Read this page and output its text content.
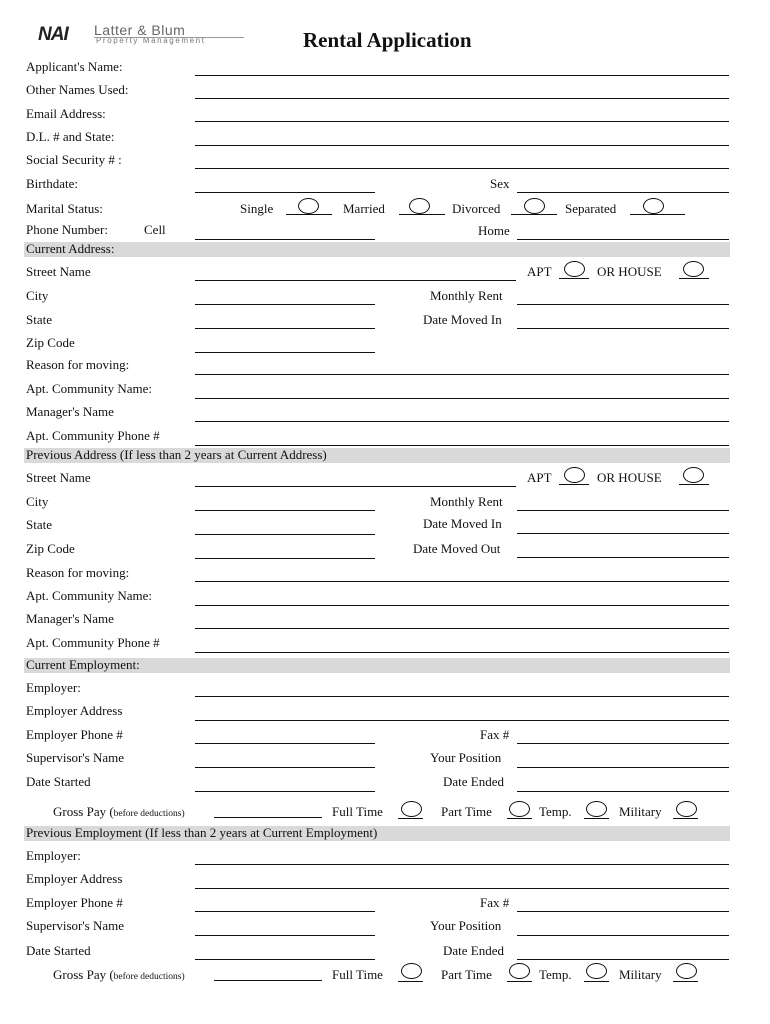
NAI Latter & Blum
Property Management	Rental Application
Applicant's Name:
Other Names Used:
Email Address:
D.L. # and State:
Social Security # :
Birthdate:	Sex
Marital Status:	Single	Married	Divorced	Separated
Phone Number:	Cell	Home
Current Address:
Street Name	APT	OR HOUSE
City	Monthly Rent
State	Date Moved In
Zip Code
Reason for moving:
Apt. Community Name:
Manager's Name
Apt. Community Phone #
Previous Address (If less than 2 years at Current Address)
Street Name	APT	OR HOUSE
City	Monthly Rent
State	Date Moved In
Zip Code	Date Moved Out
Reason for moving:
Apt. Community Name:
Manager's Name
Apt. Community Phone #
Current Employment:
Employer:
Employer Address
Employer Phone #	Fax #
Supervisor's Name	Your Position
Date Started	Date Ended
Gross Pay (before deductions)	Full Time	Part Time	Temp.	Military
Previous Employment (If less than 2 years at Current Employment)
Employer:
Employer Address
Employer Phone #	Fax #
Supervisor's Name	Your Position
Date Started	Date Ended
Gross Pay (before deductions)	Full Time	Part Time	Temp.	Military
